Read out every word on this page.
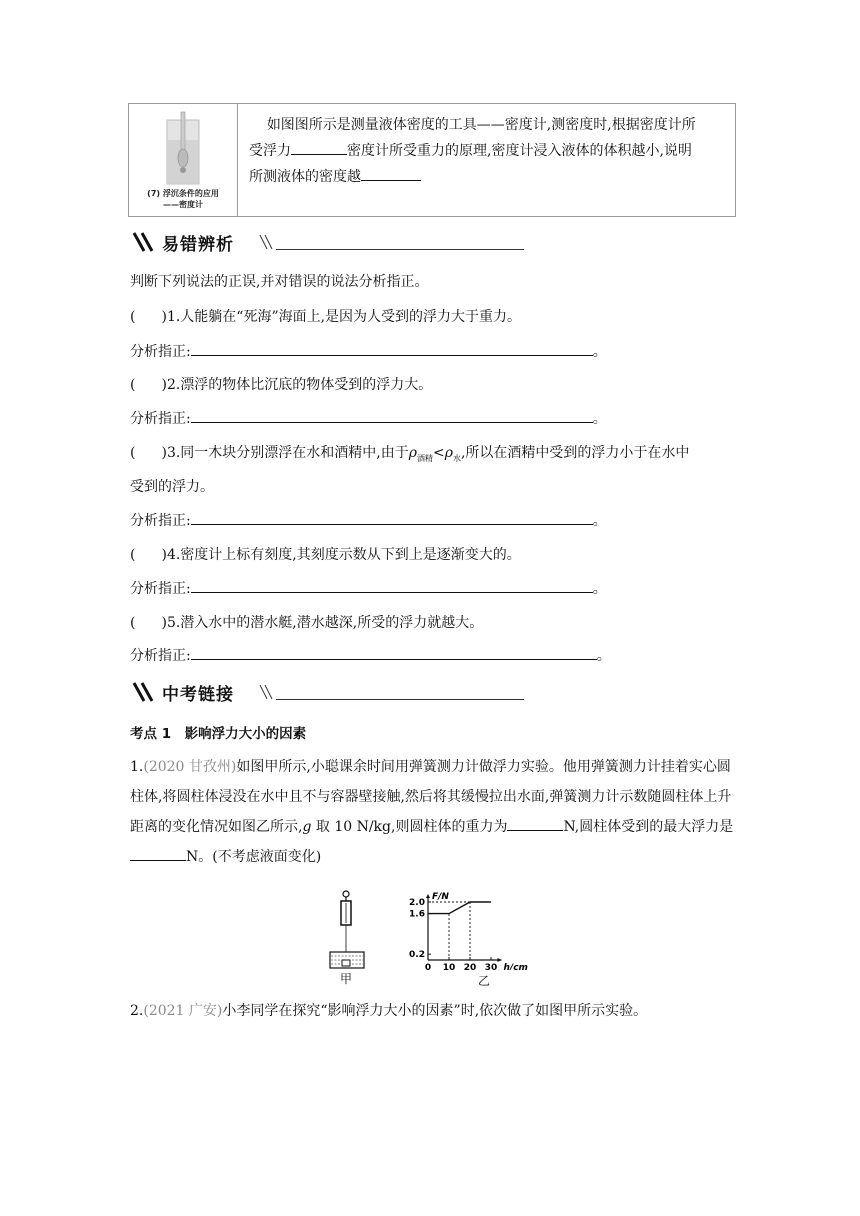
(7) 浮沉条件的应用
——密度计

如图图所示是测量液体密度的工具——密度计,测密度时,根据密度计所

受浮力	密度计所受重力的原理,密度计浸入液体的体积越小,说明

所测液体的密度越

易错辨析
判断下列说法的正误,并对错误的说法分析指正。
( )1.人能躺在“死海”海面上,是因为人受到的浮力大于重力。
分析指正:	。
( )2.漂浮的物体比沉底的物体受到的浮力大。
分析指正:	。
( )3.同一木块分别漂浮在水和酒精中,由于$\rho_{酒精}<\rho_水$,所以在酒精中受到的浮力小于在水中
受到的浮力。
分析指正:	。
( )4.密度计上标有刻度,其刻度示数从下到上是逐渐变大的。
分析指正:	。
( )5.潜入水中的潜水艇,潜水越深,所受的浮力就越大。
分析指正:	。
中考链接
考点 1　影响浮力大小的因素
1.(2020 甘孜州)如图甲所示,小聪课余时间用弹簧测力计做浮力实验。他用弹簧测力计挂着实心圆柱体,将圆柱体浸没在水中且不与容器壁接触,然后将其缓慢拉出水面,弹簧测力计示数随圆柱体上升距离的变化情况如图乙所示,g 取 10 N/kg,则圆柱体的重力为	N,圆柱体受到的最大浮力是N。(不考虑液面变化)
甲
0.2
1.6
2.0
0 10 20 30 h/cm
F/N
乙
2.(2021 广安)小李同学在探究“影响浮力大小的因素”时,依次做了如图甲所示实验。
